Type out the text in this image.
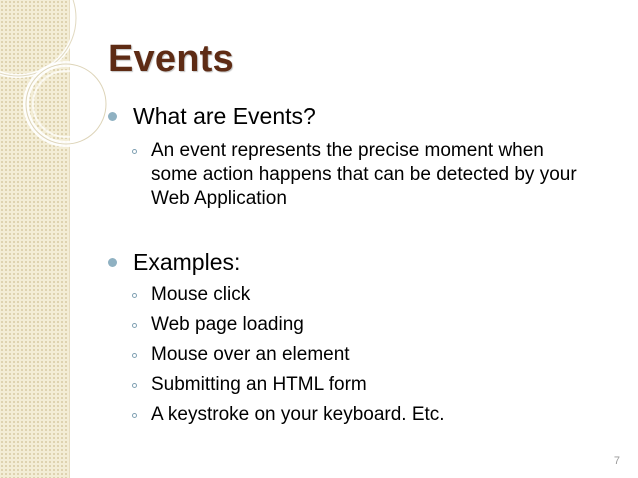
Events
What are Events?
An event represents the precise moment when some action happens that can be detected by your Web Application
Examples:
Mouse click
Web page loading
Mouse over an element
Submitting an HTML form
A keystroke on your keyboard. Etc.
7
